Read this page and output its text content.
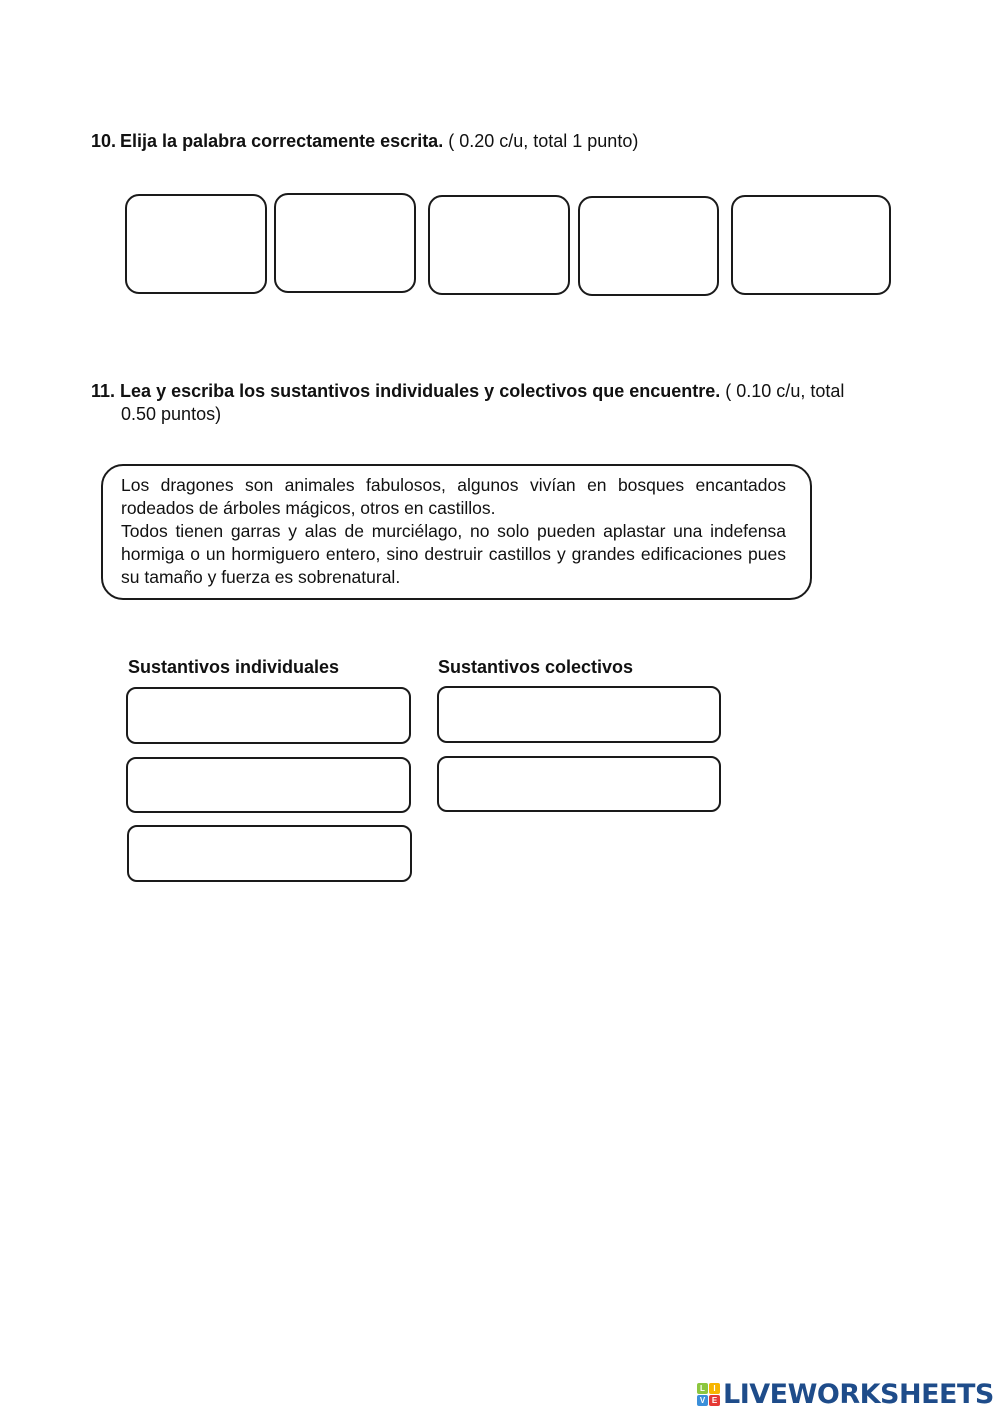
10. Elija la palabra correctamente escrita. ( 0.20 c/u, total 1 punto)
11. Lea y escriba los sustantivos individuales y colectivos que encuentre. ( 0.10 c/u, total
0.50 puntos)

Los dragones son animales fabulosos, algunos vivían en bosques encantados rodeados de árboles mágicos, otros en castillos.

Todos tienen garras y alas de murciélago, no solo pueden aplastar una indefensa hormiga o un hormiguero entero, sino destruir castillos y grandes edificaciones pues su tamaño y fuerza es sobrenatural.

Sustantivos individuales	Sustantivos colectivos
L	I
V E LIVEWORKSHEETS
